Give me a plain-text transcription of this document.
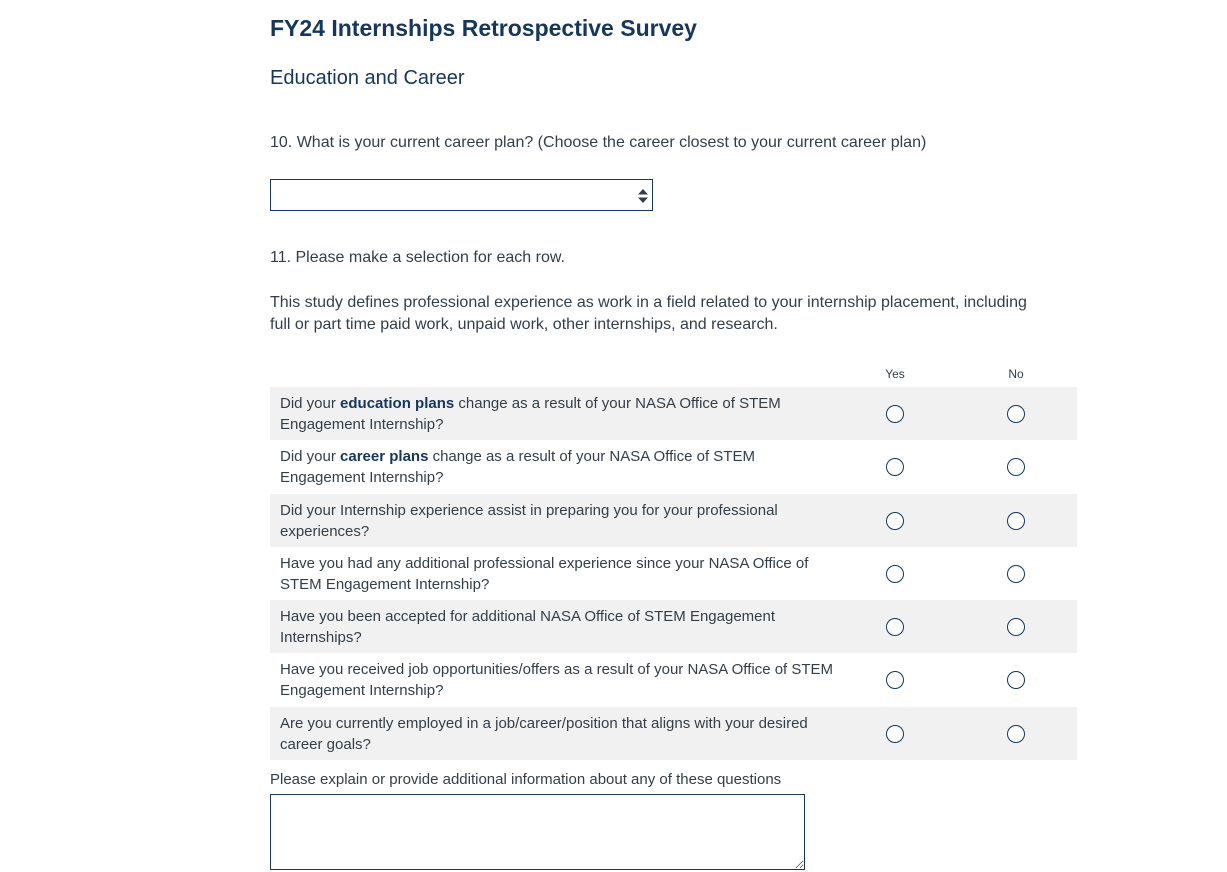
FY24 Internships Retrospective Survey
Education and Career

10. What is your current career plan? (Choose the career closest to your current career plan)

11. Please make a selection for each row.

This study defines professional experience as work in a field related to your internship placement, including full or part time paid work, unpaid work, other internships, and research.

Yes	No
Did your education plans change as a result of your NASA Office of STEM Engagement Internship?
Did your career plans change as a result of your NASA Office of STEM Engagement Internship?
Did your Internship experience assist in preparing you for your professional experiences?
Have you had any additional professional experience since your NASA Office of STEM Engagement Internship?
Have you been accepted for additional NASA Office of STEM Engagement Internships?
Have you received job opportunities/offers as a result of your NASA Office of STEM Engagement Internship?
Are you currently employed in a job/career/position that aligns with your desired career goals?

Please explain or provide additional information about any of these questions
